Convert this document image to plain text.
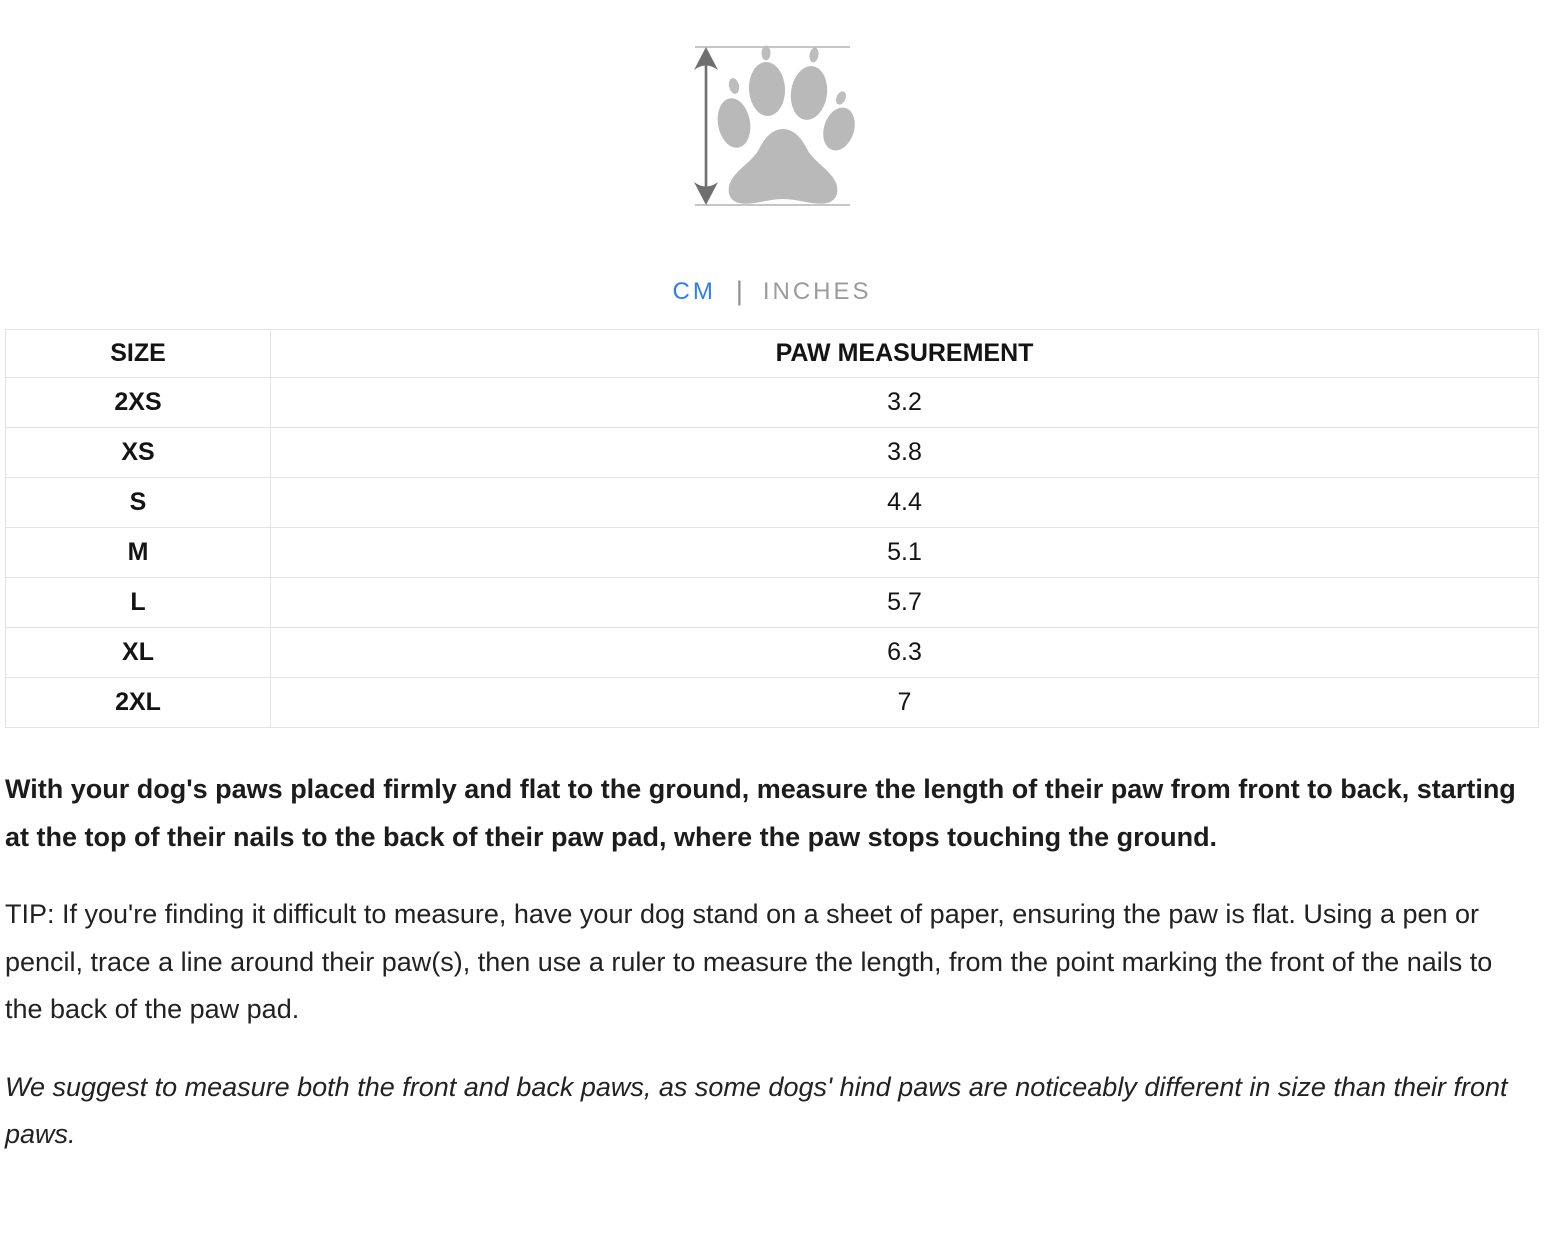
CM | INCHES
SIZE	PAW MEASUREMENT
2XS	3.2
XS	3.8
S	4.4
M	5.1
L	5.7
XL	6.3
2XL	7

With your dog's paws placed firmly and flat to the ground, measure the length of their paw from front to back, starting at the top of their nails to the back of their paw pad, where the paw stops touching the ground.

TIP: If you're finding it difficult to measure, have your dog stand on a sheet of paper, ensuring the paw is flat. Using a pen or pencil, trace a line around their paw(s), then use a ruler to measure the length, from the point marking the front of the nails to the back of the paw pad.

We suggest to measure both the front and back paws, as some dogs' hind paws are noticeably different in size than their front paws.
